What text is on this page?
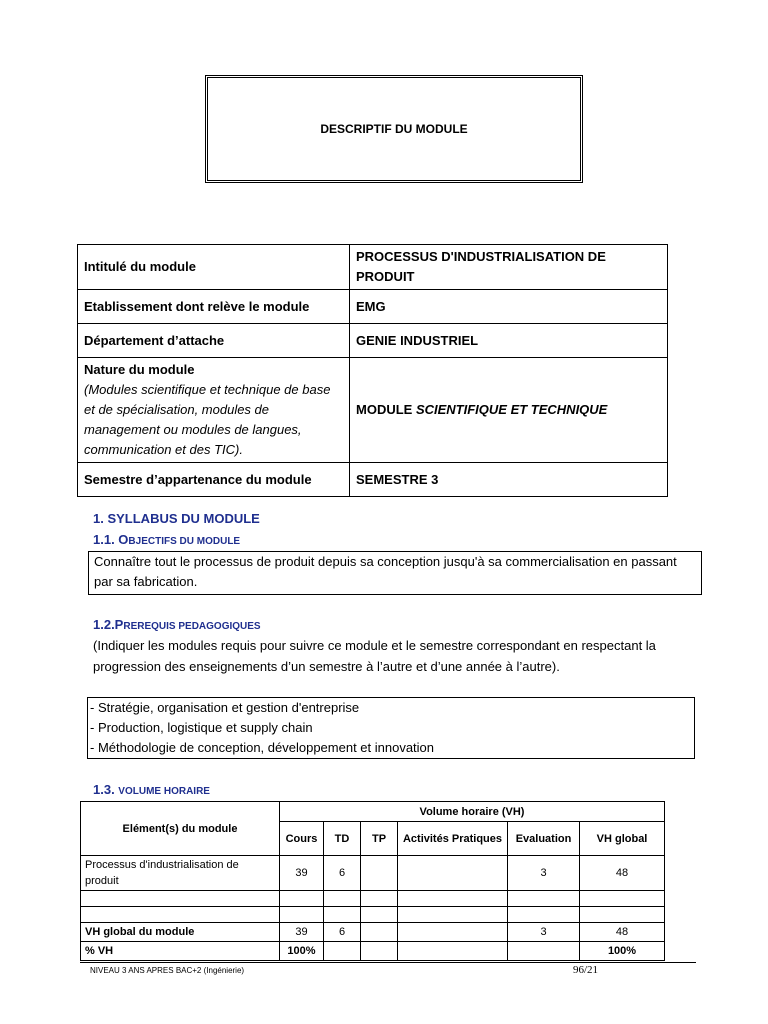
DESCRIPTIF DU MODULE
Intitulé du module	PROCESSUS D'INDUSTRIALISATION DE PRODUIT
Etablissement dont relève le module	EMG
Département d’attache	GENIE INDUSTRIEL
Nature du module
(Modules scientifique et technique de base et de spécialisation, modules de management ou modules de langues, communication et des TIC).	MODULE SCIENTIFIQUE ET TECHNIQUE
Semestre d’appartenance du module	SEMESTRE 3
1. SYLLABUS DU MODULE
1.1. OBJECTIFS DU MODULE
Connaître tout le processus de produit depuis sa conception jusqu'à sa commercialisation en passant par sa fabrication.
1.2.PREREQUIS PEDAGOGIQUES
(Indiquer les modules requis pour suivre ce module et le semestre correspondant en respectant la progression des enseignements d’un semestre à l’autre et d’une année à l’autre).
- Stratégie, organisation et gestion d'entreprise
- Production, logistique et supply chain
- Méthodologie de conception, développement et innovation
1.3. VOLUME HORAIRE
Elément(s) du module	Volume horaire (VH)					
	Cours	TD	TP	Activités Pratiques	Evaluation	VH global
Processus d'industrialisation de produit	39	6			3	48

VH global du module	39	6			3	48
% VH	100%					100%
NIVEAU 3 ANS APRES BAC+2 (Ingénierie)	96/21
